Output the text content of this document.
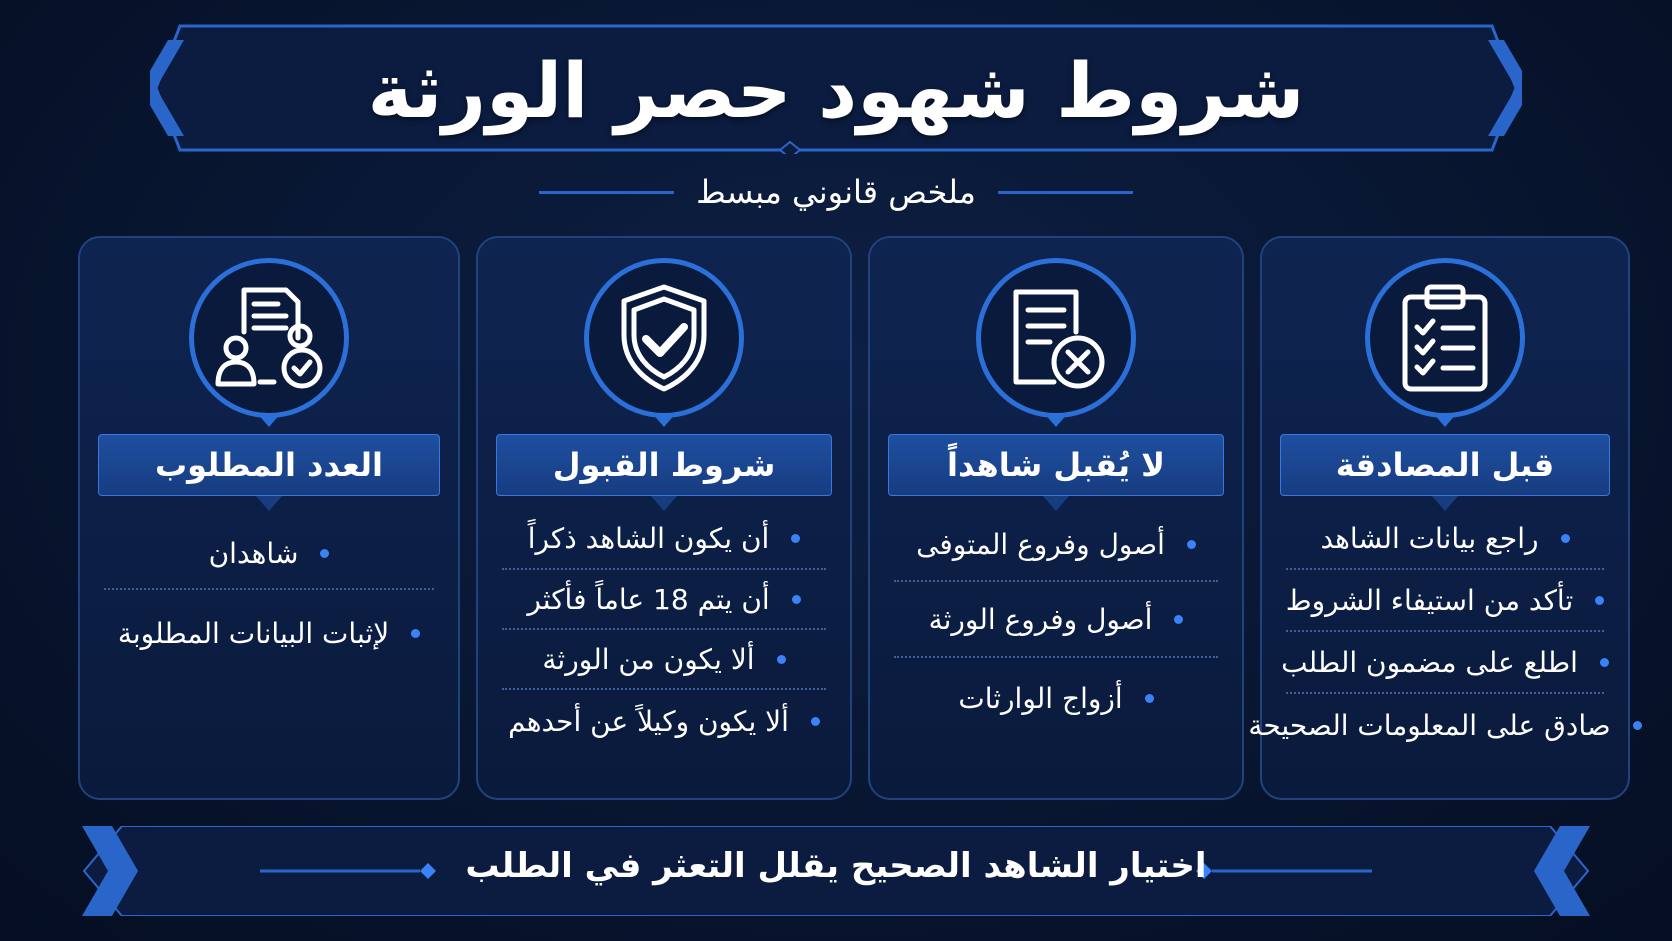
شروط شهود حصر الورثة
ملخص قانوني مبسط
قبل المصادقة
راجع بيانات الشاهد
تأكد من استيفاء الشروط
اطلع على مضمون الطلب
صادق على المعلومات الصحيحة
لا يُقبل شاهداً
أصول وفروع المتوفى
أصول وفروع الورثة
أزواج الوارثات
شروط القبول
أن يكون الشاهد ذكراً
أن يتم 18 عاماً فأكثر
ألا يكون من الورثة
ألا يكون وكيلاً عن أحدهم
العدد المطلوب
شاهدان
لإثبات البيانات المطلوبة
اختيار الشاهد الصحيح يقلل التعثر في الطلب
